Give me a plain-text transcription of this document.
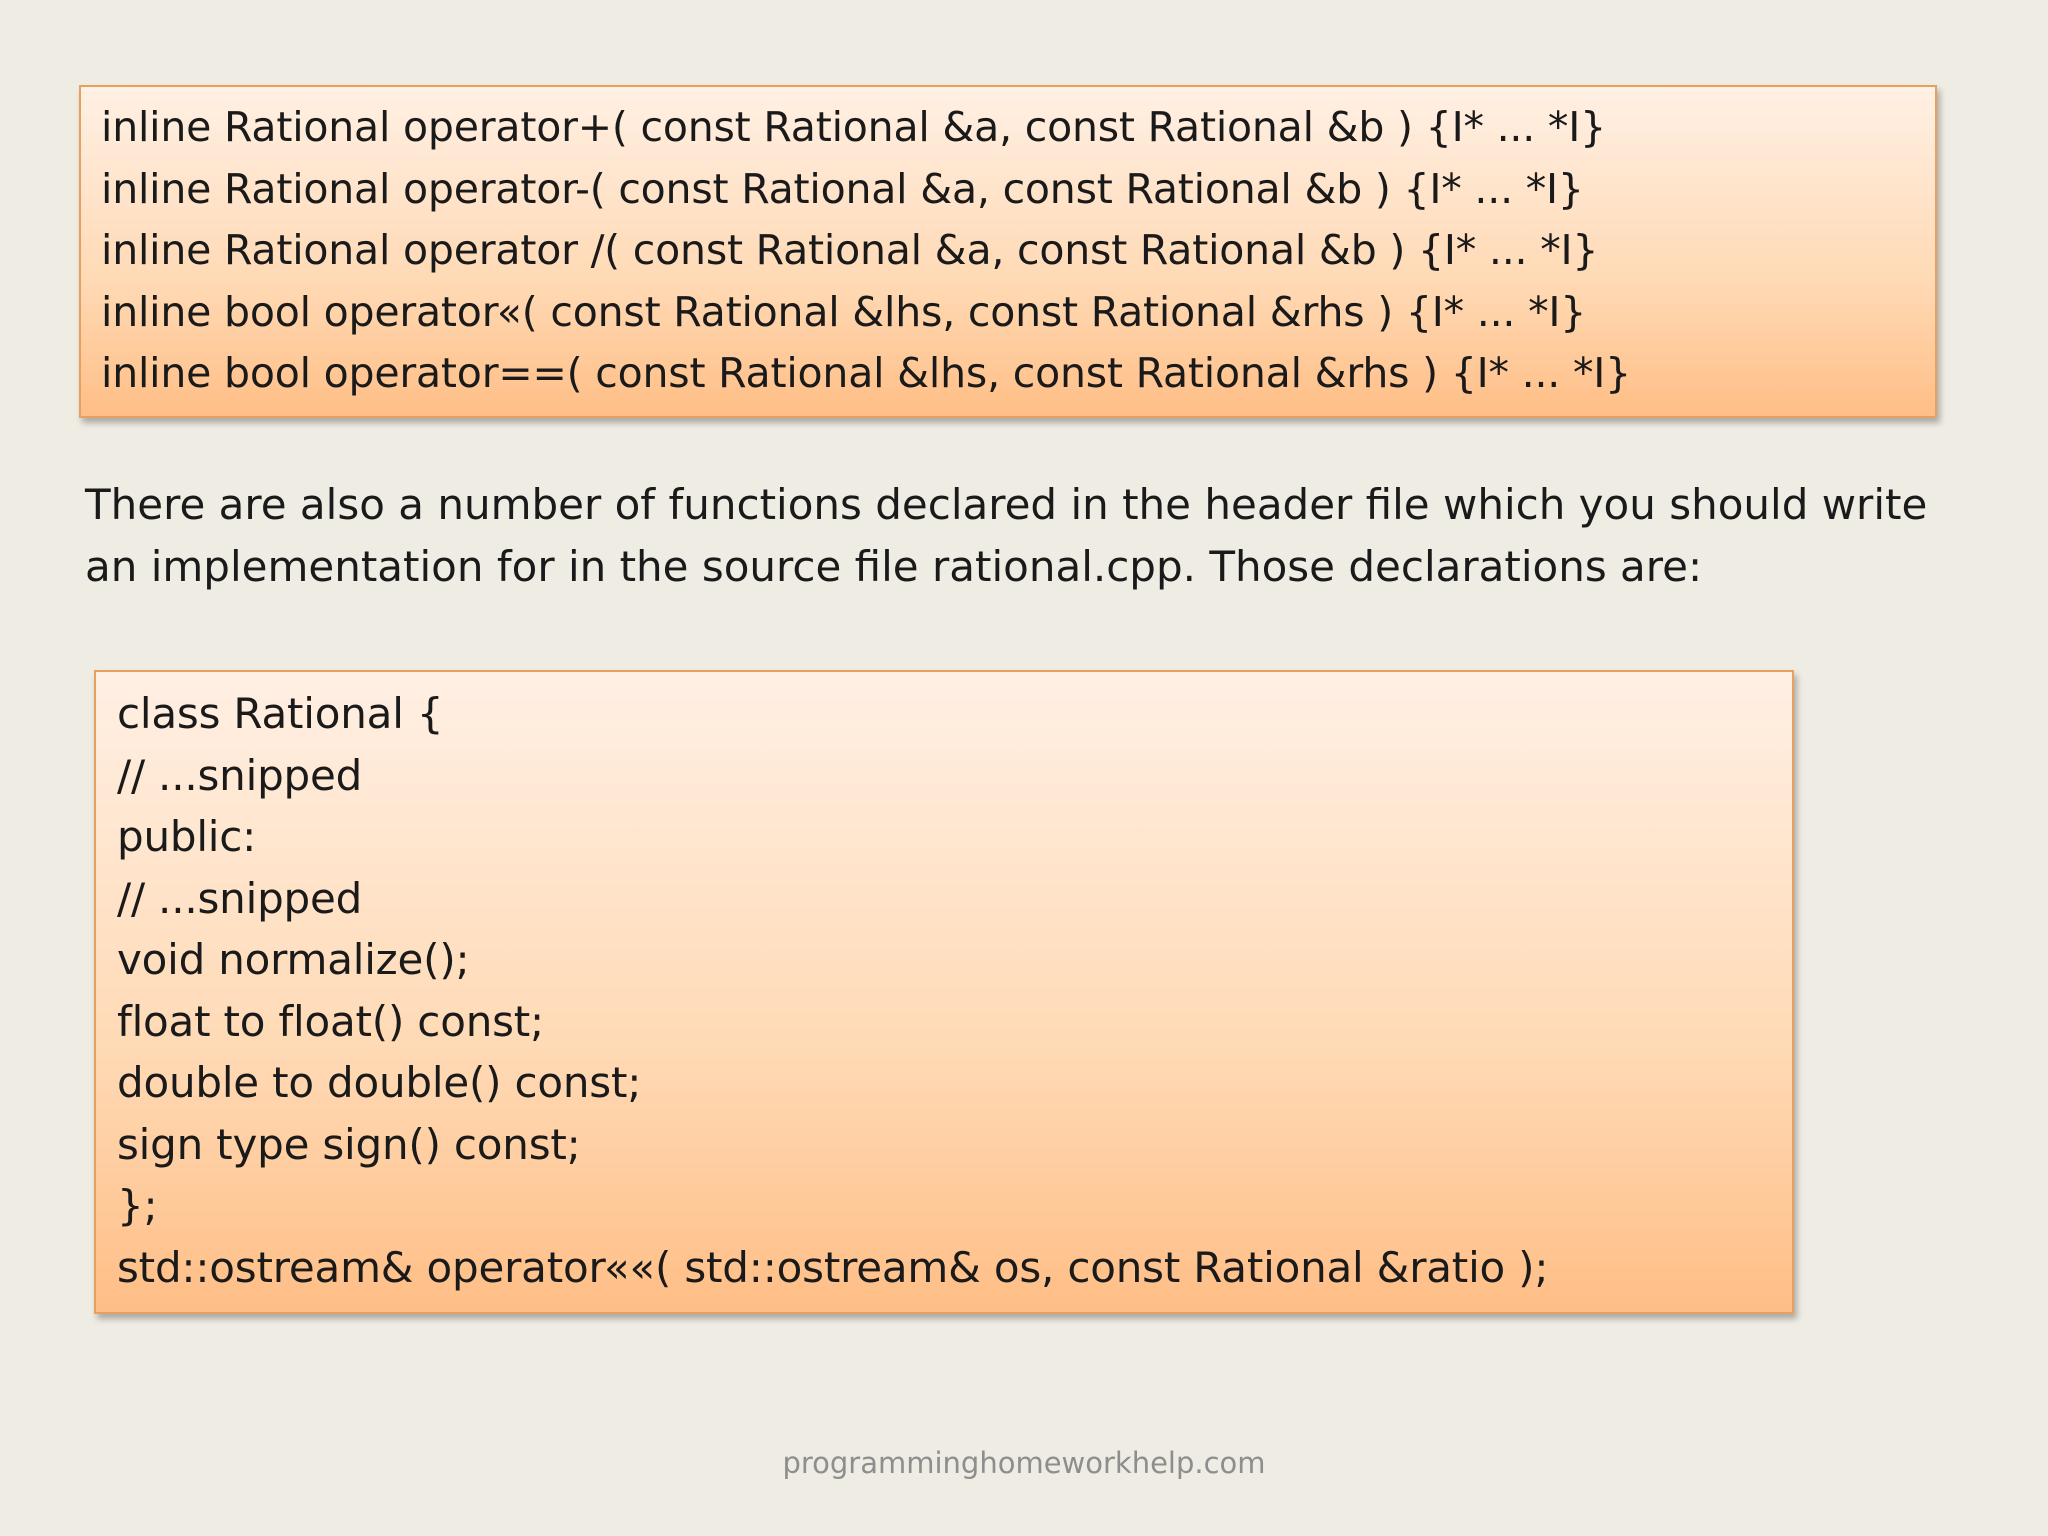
inline Rational operator+( const Rational &a, const Rational &b ) {I* ... *I}
inline Rational operator-( const Rational &a, const Rational &b ) {I* ... *I}
inline Rational operator /( const Rational &a, const Rational &b ) {I* ... *I}
inline bool operator«( const Rational &lhs, const Rational &rhs ) {I* ... *I}
inline bool operator==( const Rational &lhs, const Rational &rhs ) {I* ... *I}

There are also a number of functions declared in the header file which you should write
an implementation for in the source file rational.cpp. Those declarations are:

class Rational {
// ...snipped
public:
// ...snipped
void normalize();
float to float() const;
double to double() const;
sign type sign() const;
};
std::ostream& operator««( std::ostream& os, const Rational &ratio );
programminghomeworkhelp.com
